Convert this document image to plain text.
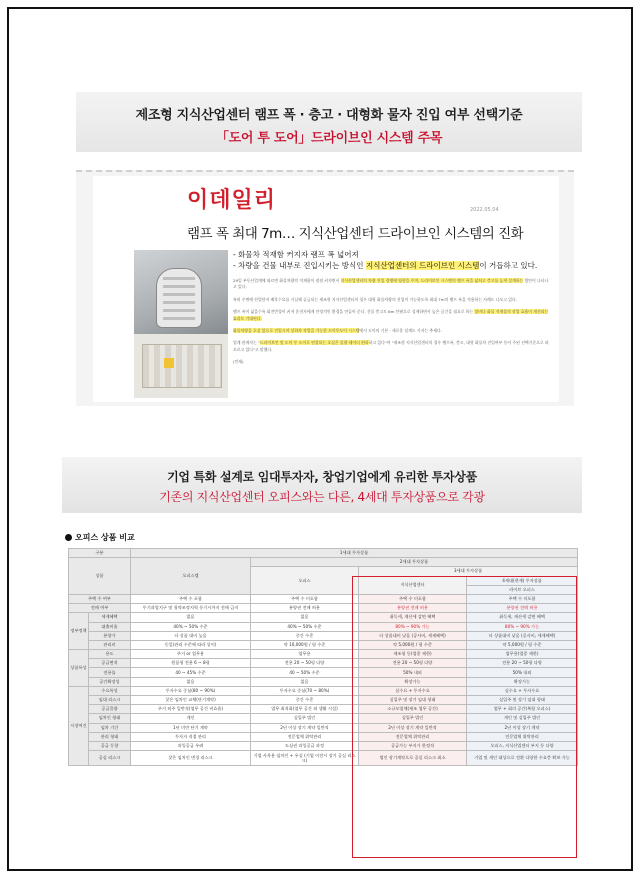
제조형 지식산업센터 램프 폭 · 층고 · 대형화 물자 진입 여부 선택기준
「도어 투 도어」드라이브인 시스템 주목
이데일리	2022.05.04
램프 폭 최대 7m… 지식산업센터 드라이브인 시스템의 진화
- 화물차 적재함 커지자 램프 폭 넓어져
- 차량을 건물 내부로 진입시키는 방식인 지식산업센터의 드라이브인 시스템이 거듭하고 있다.

29일 부동산업계에 따르면 화물차량의 적재함이 점점 커지면서 지식산업센터의 차량 진입 경쟁에 영향을 주며, 드라이브인 시스템의 램프 폭을 넓히고 층고를 높게 설계하는 방안이 나타나고 있다.

특히 주변에 산업단지 배후수요를 거닐해 공급되는 제조형 지식산업센터의 경우 대형 화물차량의 진입이 가능하도록 최대 7m의 램프 폭을 적용하는 사례도 나오고 있다.

램프 폭이 넓을수록 회전반경이 커져 운전자에게 안정적인 환경을 만들어 준다. 건물 층고도 6m 안팎으로 설계하면서 높은 공간을 필요로 하는 장비나 화물 적재물의 작업 효율이 개선되는 효과도 기대된다.

화물차량을 호실 앞으로 진입시켜 상하차 작업을 가능한 도어투도어 시스템에서 도어의 기본 · 새로운 설계도 가지는 추세다.

업계 관계자는 "드라이브인 및 도어 투 도어로 연결되는 호실은 물량 테이더 편리하고 있다"며 "제조형 지식산업센터의 경우 램프폭, 층고, 대형 화물차 진입여부 등이 주된 선택기준으로 떠오르고 있다"고 말했다.

(인제)

기업 특화 설계로 임대투자자, 창업기업에게 유리한 투자상품
기존의 지식산업센터 오피스와는 다른, 4세대 투자상품으로 각광
오피스 상품 비교
구분		1세대 투자상품			
상품		오피스텔	2세대 투자상품		
			오피스	3세대 투자상품	
				지식산업센터	4세대(현재) 투자상품
					라이브 오피스
주택 수 여부		주택 수 포함	주택 수 미포함	주택 수 미포함	주택 수 미포함
전매 여부		투기과열지구 및 청약조정지역 등기시까지 전매 금지	분양권 전매 허용	분양권 전매 허용	분양권 전매 허용
정부정책	세제혜택	없음	없음	취득세, 재산세 감면 혜택	취득세, 재산세 감면 혜택
	대출비율	40% ~ 50% 수준	40% ~ 50% 수준	80% ~ 90% 가능	80% ~ 90% 가능
	분양가	타 상품 대비 높음	중간 수준	타 상품대비 낮음 (공사비, 세제혜택)	타 상품대비 낮음 (공사비, 세제혜택)
	관리비	동일(관리 수준에 따라 상이)	약 10,000원 / 평 수준	약 5,000원 / 평 수준	약 5,000원 / 평 수준
상품특성	용도	주거 or 업무용	업무용	제조형 등(업종 제한)	업무용(업종 제한)
	공급면적	원룸형 전용 6 ~ 8평	전용 20 ~ 50평 다양	전용 20 ~ 50평 다양	전용 20 ~ 50평 다양
	전용률	40 ~ 45% 수준	40 ~ 50% 수준	50% 내외	50% 내외
	공간확장성	없음	없음	확장가능	확장가능
시장여건	수요특성	투자수요 중심(80 ~ 90%)	투자수요 중심(70 ~ 80%)	실수요 + 투자수요	실수요 + 투자수요
	임대 리스크	잦은 임차인 교체(단기계약)	중간 수준	실입주 및 장기 임대 형태	실입주 및 장기 임대 형태
	공급물량	주거 외주 일반적(업무 공간 비효율)	업무 최적화(업무 공간 외 생활 시설)	소규모업체(제조 업무 공간)	업무 + 회의 공간(복합 오피스)
	임차인 형태	개인	실입주 법인	실입주 법인	개인 및 실입주 법인
	임차 기간	1년 미만 단기 계약	2년 이상 장기 계약 일반적	2년 이상 장기 계약 일반적	2년 이상 장기 계약
	관리 형태	투자자 직접 관리	전문업체 위탁관리	전문업체 위탁관리	전문업체 위탁관리
	공급 동향	과잉공급 우려	도심권 과잉공급 과정	공급가능 부지가 한정적	오피스, 지식산업센터 부지 등 다양
	공실 리스크	잦은 임차인 변경 리스크	기업 사옥용 임차인 + 우실 (기업 이전시 장기 공실 리스크)	법인 장기계약으로 공실 리스크 최소	기업 및 개인 대상으로 전환 다양한 수요층 확보 가능
